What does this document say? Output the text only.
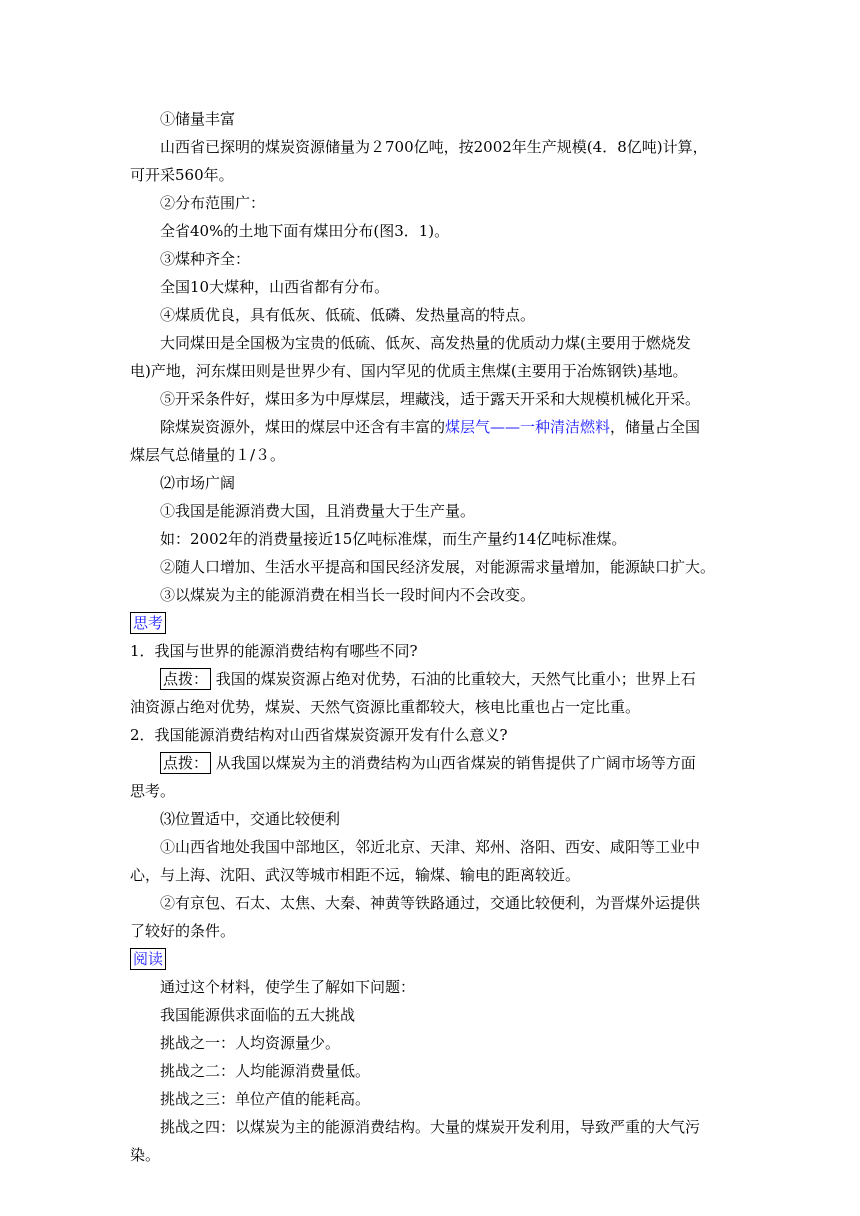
①储量丰富
山西省已探明的煤炭资源储量为２700亿吨，按2002年生产规模(4．8亿吨)计算，
可开采560年。
②分布范围广：
全省40%的土地下面有煤田分布(图3．1)。
③煤种齐全：
全国10大煤种，山西省都有分布。
④煤质优良，具有低灰、低硫、低磷、发热量高的特点。
大同煤田是全国极为宝贵的低硫、低灰、高发热量的优质动力煤(主要用于燃烧发
电)产地，河东煤田则是世界少有、国内罕见的优质主焦煤(主要用于冶炼钢铁)基地。
⑤开采条件好，煤田多为中厚煤层，埋藏浅，适于露天开采和大规模机械化开采。
除煤炭资源外，煤田的煤层中还含有丰富的煤层气——一种清洁燃料，储量占全国
煤层气总储量的１/３。
⑵市场广阔
①我国是能源消费大国，且消费量大于生产量。
如：2002年的消费量接近15亿吨标准煤，而生产量约14亿吨标准煤。
②随人口增加、生活水平提高和国民经济发展，对能源需求量增加，能源缺口扩大。
③以煤炭为主的能源消费在相当长一段时间内不会改变。
思考
1．我国与世界的能源消费结构有哪些不同?
点拨： 我国的煤炭资源占绝对优势，石油的比重较大，天然气比重小；世界上石
油资源占绝对优势，煤炭、天然气资源比重都较大，核电比重也占一定比重。
2．我国能源消费结构对山西省煤炭资源开发有什么意义?
点拨： 从我国以煤炭为主的消费结构为山西省煤炭的销售提供了广阔市场等方面
思考。
⑶位置适中，交通比较便利
①山西省地处我国中部地区，邻近北京、天津、郑州、洛阳、西安、咸阳等工业中
心，与上海、沈阳、武汉等城市相距不远，输煤、输电的距离较近。
②有京包、石太、太焦、大秦、神黄等铁路通过，交通比较便利，为晋煤外运提供
了较好的条件。
阅读
通过这个材料，使学生了解如下问题：
我国能源供求面临的五大挑战
挑战之一：人均资源量少。
挑战之二：人均能源消费量低。
挑战之三：单位产值的能耗高。
挑战之四：以煤炭为主的能源消费结构。大量的煤炭开发利用，导致严重的大气污
染。
